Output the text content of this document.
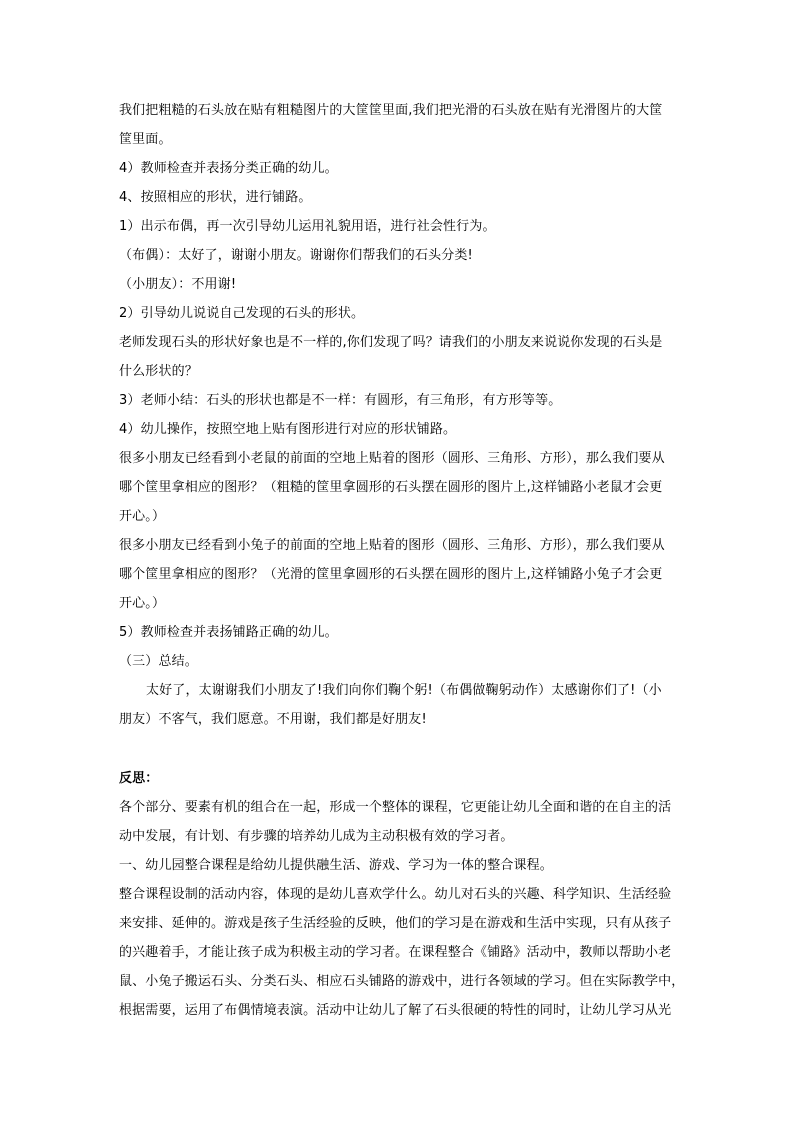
我们把粗糙的石头放在贴有粗糙图片的大筐筐里面,我们把光滑的石头放在贴有光滑图片的大筐

筐里面。

4）教师检查并表扬分类正确的幼儿。

4、按照相应的形状，进行铺路。

1）出示布偶，再一次引导幼儿运用礼貌用语，进行社会性行为。

（布偶）：太好了，谢谢小朋友。谢谢你们帮我们的石头分类!

（小朋友）：不用谢!

2）引导幼儿说说自己发现的石头的形状。

老师发现石头的形状好象也是不一样的,你们发现了吗？请我们的小朋友来说说你发现的石头是

什么形状的？

3）老师小结：石头的形状也都是不一样：有圆形，有三角形，有方形等等。

4）幼儿操作，按照空地上贴有图形进行对应的形状铺路。

很多小朋友已经看到小老鼠的前面的空地上贴着的图形（圆形、三角形、方形），那么我们要从

哪个筐里拿相应的图形？（粗糙的筐里拿圆形的石头摆在圆形的图片上,这样铺路小老鼠才会更

开心。）

很多小朋友已经看到小兔子的前面的空地上贴着的图形（圆形、三角形、方形），那么我们要从

哪个筐里拿相应的图形？（光滑的筐里拿圆形的石头摆在圆形的图片上,这样铺路小兔子才会更

开心。）

5）教师检查并表扬铺路正确的幼儿。

（三）总结。

太好了，太谢谢我们小朋友了!我们向你们鞠个躬!（布偶做鞠躬动作）太感谢你们了!（小

朋友）不客气，我们愿意。不用谢，我们都是好朋友!

反思：

各个部分、要素有机的组合在一起，形成一个整体的课程，它更能让幼儿全面和谐的在自主的活

动中发展，有计划、有步骤的培养幼儿成为主动积极有效的学习者。

一、幼儿园整合课程是给幼儿提供融生活、游戏、学习为一体的整合课程。

整合课程设制的活动内容，体现的是幼儿喜欢学什么。幼儿对石头的兴趣、科学知识、生活经验

来安排、延伸的。游戏是孩子生活经验的反映，他们的学习是在游戏和生活中实现，只有从孩子

的兴趣着手，才能让孩子成为积极主动的学习者。在课程整合《铺路》活动中，教师以帮助小老

鼠、小兔子搬运石头、分类石头、相应石头铺路的游戏中，进行各领域的学习。但在实际教学中，

根据需要，运用了布偶情境表演。活动中让幼儿了解了石头很硬的特性的同时，让幼儿学习从光
